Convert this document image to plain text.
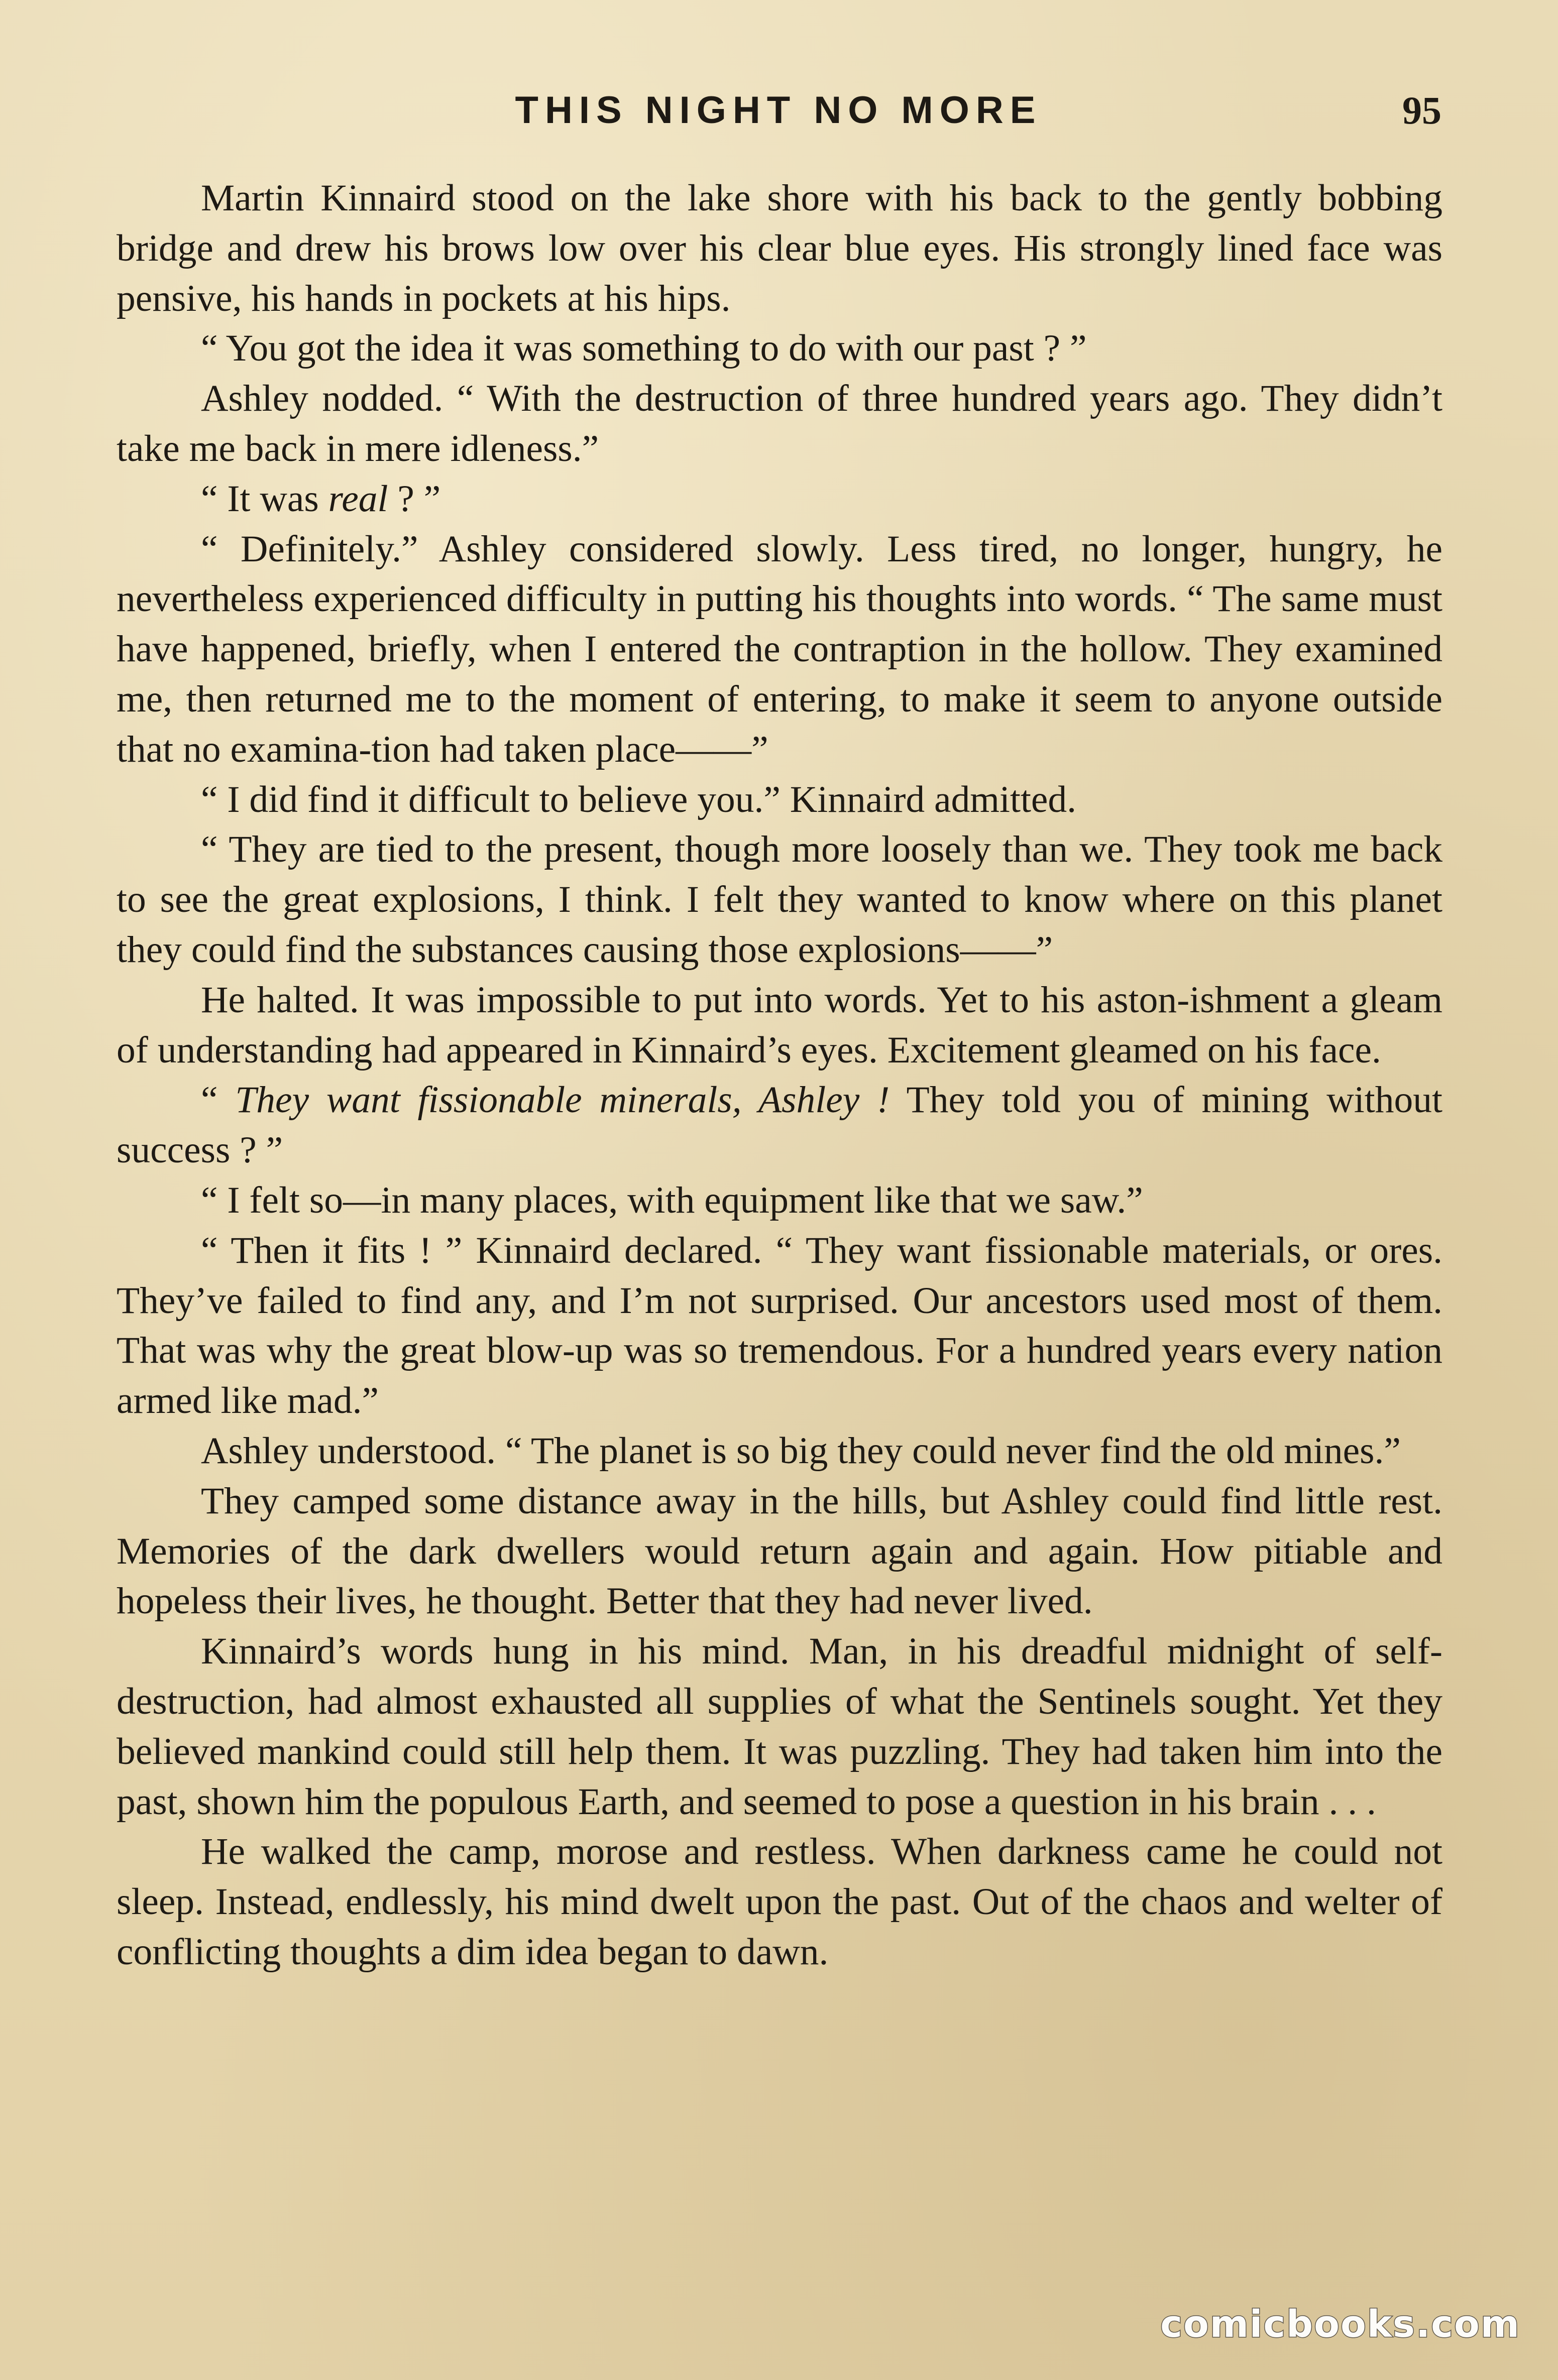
THIS NIGHT NO MORE	95

Martin Kinnaird stood on the lake shore with his back to the gently bobbing bridge and drew his brows low over his clear blue eyes. His strongly lined face was pensive, his hands in pockets at his hips.

“ You got the idea it was something to do with our past ? ”

Ashley nodded. “ With the destruction of three hundred years ago. They didn’t take me back in mere idleness.”

“ It was real ? ”

“ Definitely.” Ashley considered slowly. Less tired, no longer, hungry, he nevertheless experienced difficulty in putting his thoughts into words. “ The same must have happened, briefly, when I entered the contraption in the hollow. They examined me, then returned me to the moment of entering, to make it seem to anyone outside that no examina-tion had taken place——”

“ I did find it difficult to believe you.” Kinnaird admitted.

“ They are tied to the present, though more loosely than we. They took me back to see the great explosions, I think. I felt they wanted to know where on this planet they could find the substances causing those explosions——”

He halted. It was impossible to put into words. Yet to his aston-ishment a gleam of understanding had appeared in Kinnaird’s eyes. Excitement gleamed on his face.

“ They want fissionable minerals, Ashley ! They told you of mining without success ? ”

“ I felt so—in many places, with equipment like that we saw.”

“ Then it fits ! ” Kinnaird declared. “ They want fissionable materials, or ores. They’ve failed to find any, and I’m not surprised. Our ancestors used most of them. That was why the great blow-up was so tremendous. For a hundred years every nation armed like mad.”

Ashley understood. “ The planet is so big they could never find the old mines.”

They camped some distance away in the hills, but Ashley could find little rest. Memories of the dark dwellers would return again and again. How pitiable and hopeless their lives, he thought. Better that they had never lived.

Kinnaird’s words hung in his mind. Man, in his dreadful midnight of self-destruction, had almost exhausted all supplies of what the Sentinels sought. Yet they believed mankind could still help them. It was puzzling. They had taken him into the past, shown him the populous Earth, and seemed to pose a question in his brain . . .

He walked the camp, morose and restless. When darkness came he could not sleep. Instead, endlessly, his mind dwelt upon the past. Out of the chaos and welter of conflicting thoughts a dim idea began to dawn.

comicbooks.com
